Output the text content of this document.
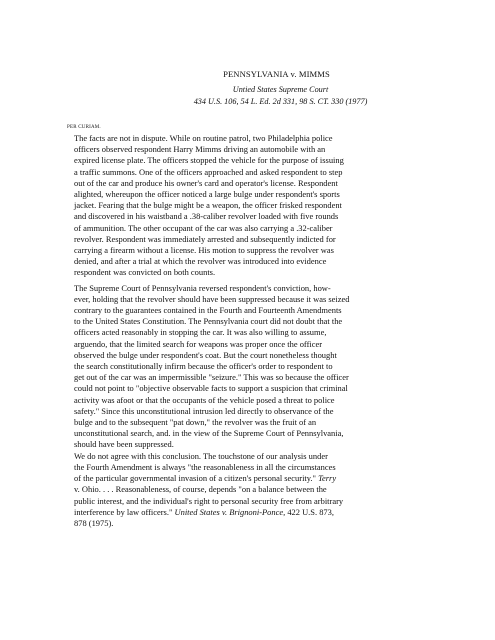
PENNSYLVANIA v. MIMMS
Untied States Supreme Court
434 U.S. 106, 54 L. Ed. 2d 331, 98 S. CT. 330 (1977)
PER CURIAM.

The facts are not in dispute. While on routine patrol, two Philadelphia police
officers observed respondent Harry Mimms driving an automobile with an
expired license plate. The officers stopped the vehicle for the purpose of issuing
a traffic summons. One of the officers approached and asked respondent to step
out of the car and produce his owner's card and operator's license. Respondent
alighted, whereupon the officer noticed a large bulge under respondent's sports
jacket. Fearing that the bulge might be a weapon, the officer frisked respondent
and discovered in his waistband a .38-caliber revolver loaded with five rounds
of ammunition. The other occupant of the car was also carrying a .32-caliber
revolver. Respondent was immediately arrested and subsequently indicted for
carrying a firearm without a license. His motion to suppress the revolver was
denied, and after a trial at which the revolver was introduced into evidence
respondent was convicted on both counts.

The Supreme Court of Pennsylvania reversed respondent's conviction, how-
ever, holding that the revolver should have been suppressed because it was seized
contrary to the guarantees contained in the Fourth and Fourteenth Amendments
to the United States Constitution. The Pennsylvania court did not doubt that the
officers acted reasonably in stopping the car. It was also willing to assume,
arguendo, that the limited search for weapons was proper once the officer
observed the bulge under respondent's coat. But the court nonetheless thought
the search constitutionally infirm because the officer's order to respondent to
get out of the car was an impermissible "seizure." This was so because the officer
could not point to "objective observable facts to support a suspicion that criminal
activity was afoot or that the occupants of the vehicle posed a threat to police
safety." Since this unconstitutional intrusion led directly to observance of the
bulge and to the subsequent "pat down," the revolver was the fruit of an
unconstitutional search, and. in the view of the Supreme Court of Pennsylvania,
should have been suppressed.

We do not agree with this conclusion. The touchstone of our analysis under
the Fourth Amendment is always "the reasonableness in all the circumstances
of the particular governmental invasion of a citizen's personal security." Terry
v. Ohio. . . . Reasonableness, of course, depends "on a balance between the
public interest, and the individual's right to personal security free from arbitrary
interference by law officers." United States v. Brignoni-Ponce, 422 U.S. 873,
878 (1975).
